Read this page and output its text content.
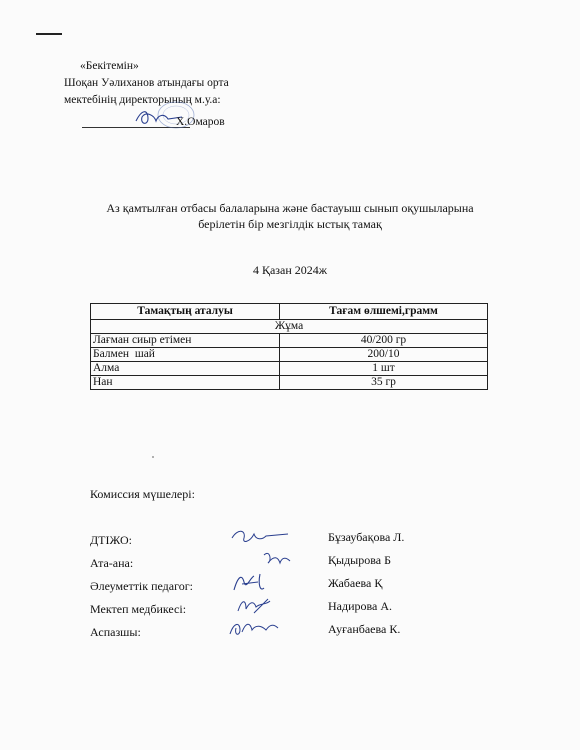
«Бекітемін»
Шоқан Уәлиханов атындағы орта
мектебінің директорының м.у.а:
Х.Омаров
Аз қамтылған отбасы балаларына және бастауыш сынып оқушыларына
берілетін бір мезгілдік ыстық тамақ
4 Қазан 2024ж
Тамақтың аталуы	Тағам өлшемі,грамм
Жұма	
Лағман сиыр етімен	40/200 гр
Балмен  шай	200/10
Алма	1 шт
Нан	35 гр
Комиссия мүшелері:
ДТІЖО:	Бұзаубақова Л.
Ата-ана:	Қыдырова Б
Әлеуметтік педагог:	Жабаева Қ
Мектеп медбикесі:	Надирова А.
Аспазшы:	Ауғанбаева К.
